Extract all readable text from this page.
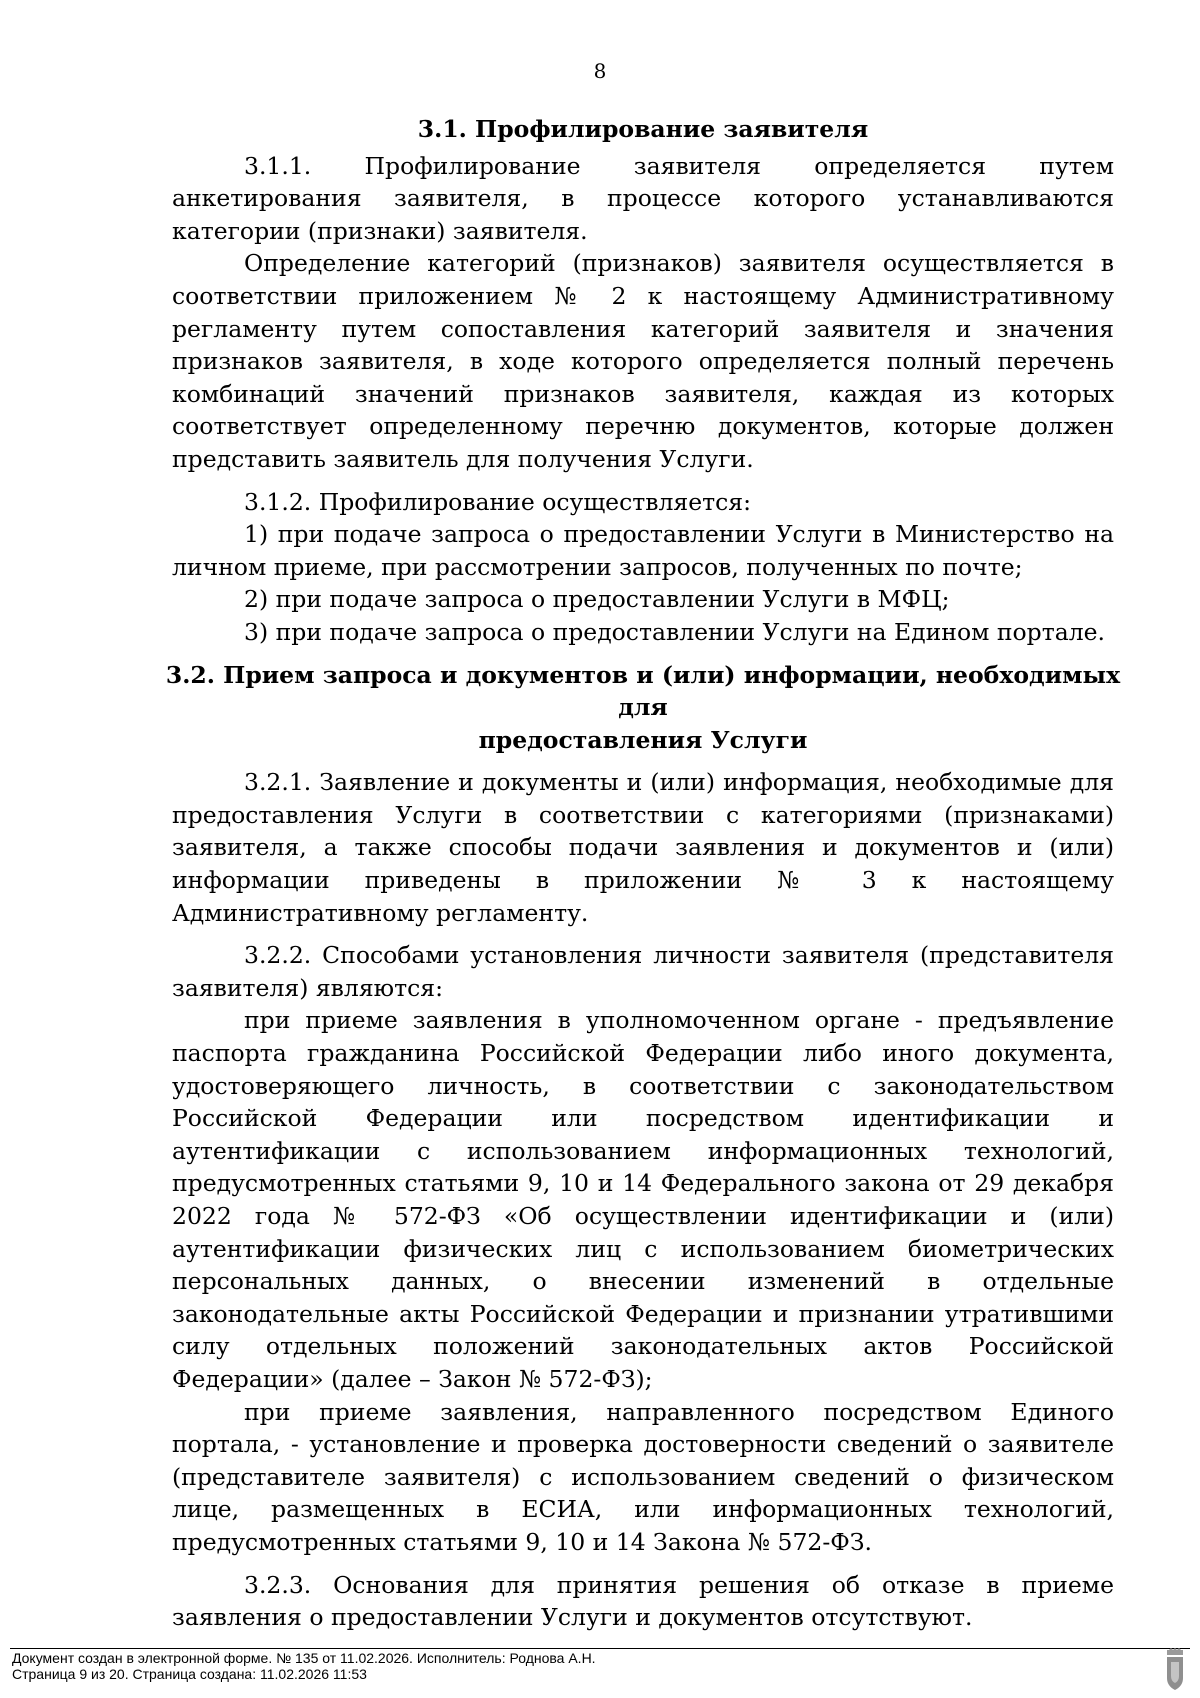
8
3.1. Профилирование заявителя

3.1.1. Профилирование заявителя определяется путем анкетирования заявителя, в процессе которого устанавливаются категории (признаки) заявителя.

Определение категорий (признаков) заявителя осуществляется в соответствии приложением № 2 к настоящему Административному регламенту путем сопоставления категорий заявителя и значения признаков заявителя, в ходе которого определяется полный перечень комбинаций значений признаков заявителя, каждая из которых соответствует определенному перечню документов, которые должен представить заявитель для получения Услуги.

3.1.2. Профилирование осуществляется:

1) при подаче запроса о предоставлении Услуги в Министерство на личном приеме, при рассмотрении запросов, полученных по почте;

2) при подаче запроса о предоставлении Услуги в МФЦ;

3) при подаче запроса о предоставлении Услуги на Едином портале.

3.2. Прием запроса и документов и (или) информации, необходимых для
предоставления Услуги

3.2.1. Заявление и документы и (или) информация, необходимые для предоставления Услуги в соответствии с категориями (признаками) заявителя, а также способы подачи заявления и документов и (или) информации приведены в приложении № 3 к настоящему Административному регламенту.

3.2.2. Способами установления личности заявителя (представителя заявителя) являются:

при приеме заявления в уполномоченном органе - предъявление паспорта гражданина Российской Федерации либо иного документа, удостоверяющего личность, в соответствии с законодательством Российской Федерации или посредством идентификации и аутентификации с использованием информационных технологий, предусмотренных статьями 9, 10 и 14 Федерального закона от 29 декабря 2022 года № 572-ФЗ «Об осуществлении идентификации и (или) аутентификации физических лиц с использованием биометрических персональных данных, о внесении изменений в отдельные законодательные акты Российской Федерации и признании утратившими силу отдельных положений законодательных актов Российской Федерации» (далее – Закон № 572-ФЗ);

при приеме заявления, направленного посредством Единого портала, - установление и проверка достоверности сведений о заявителе (представителе заявителя) с использованием сведений о физическом лице, размещенных в ЕСИА, или информационных технологий, предусмотренных статьями 9, 10 и 14 Закона № 572-ФЗ.

3.2.3. Основания для принятия решения об отказе в приеме заявления о предоставлении Услуги и документов отсутствуют.

Документ создан в электронной форме. № 135 от 11.02.2026. Исполнитель: Роднова А.Н.
Страница 9 из 20. Страница создана: 11.02.2026 11:53
